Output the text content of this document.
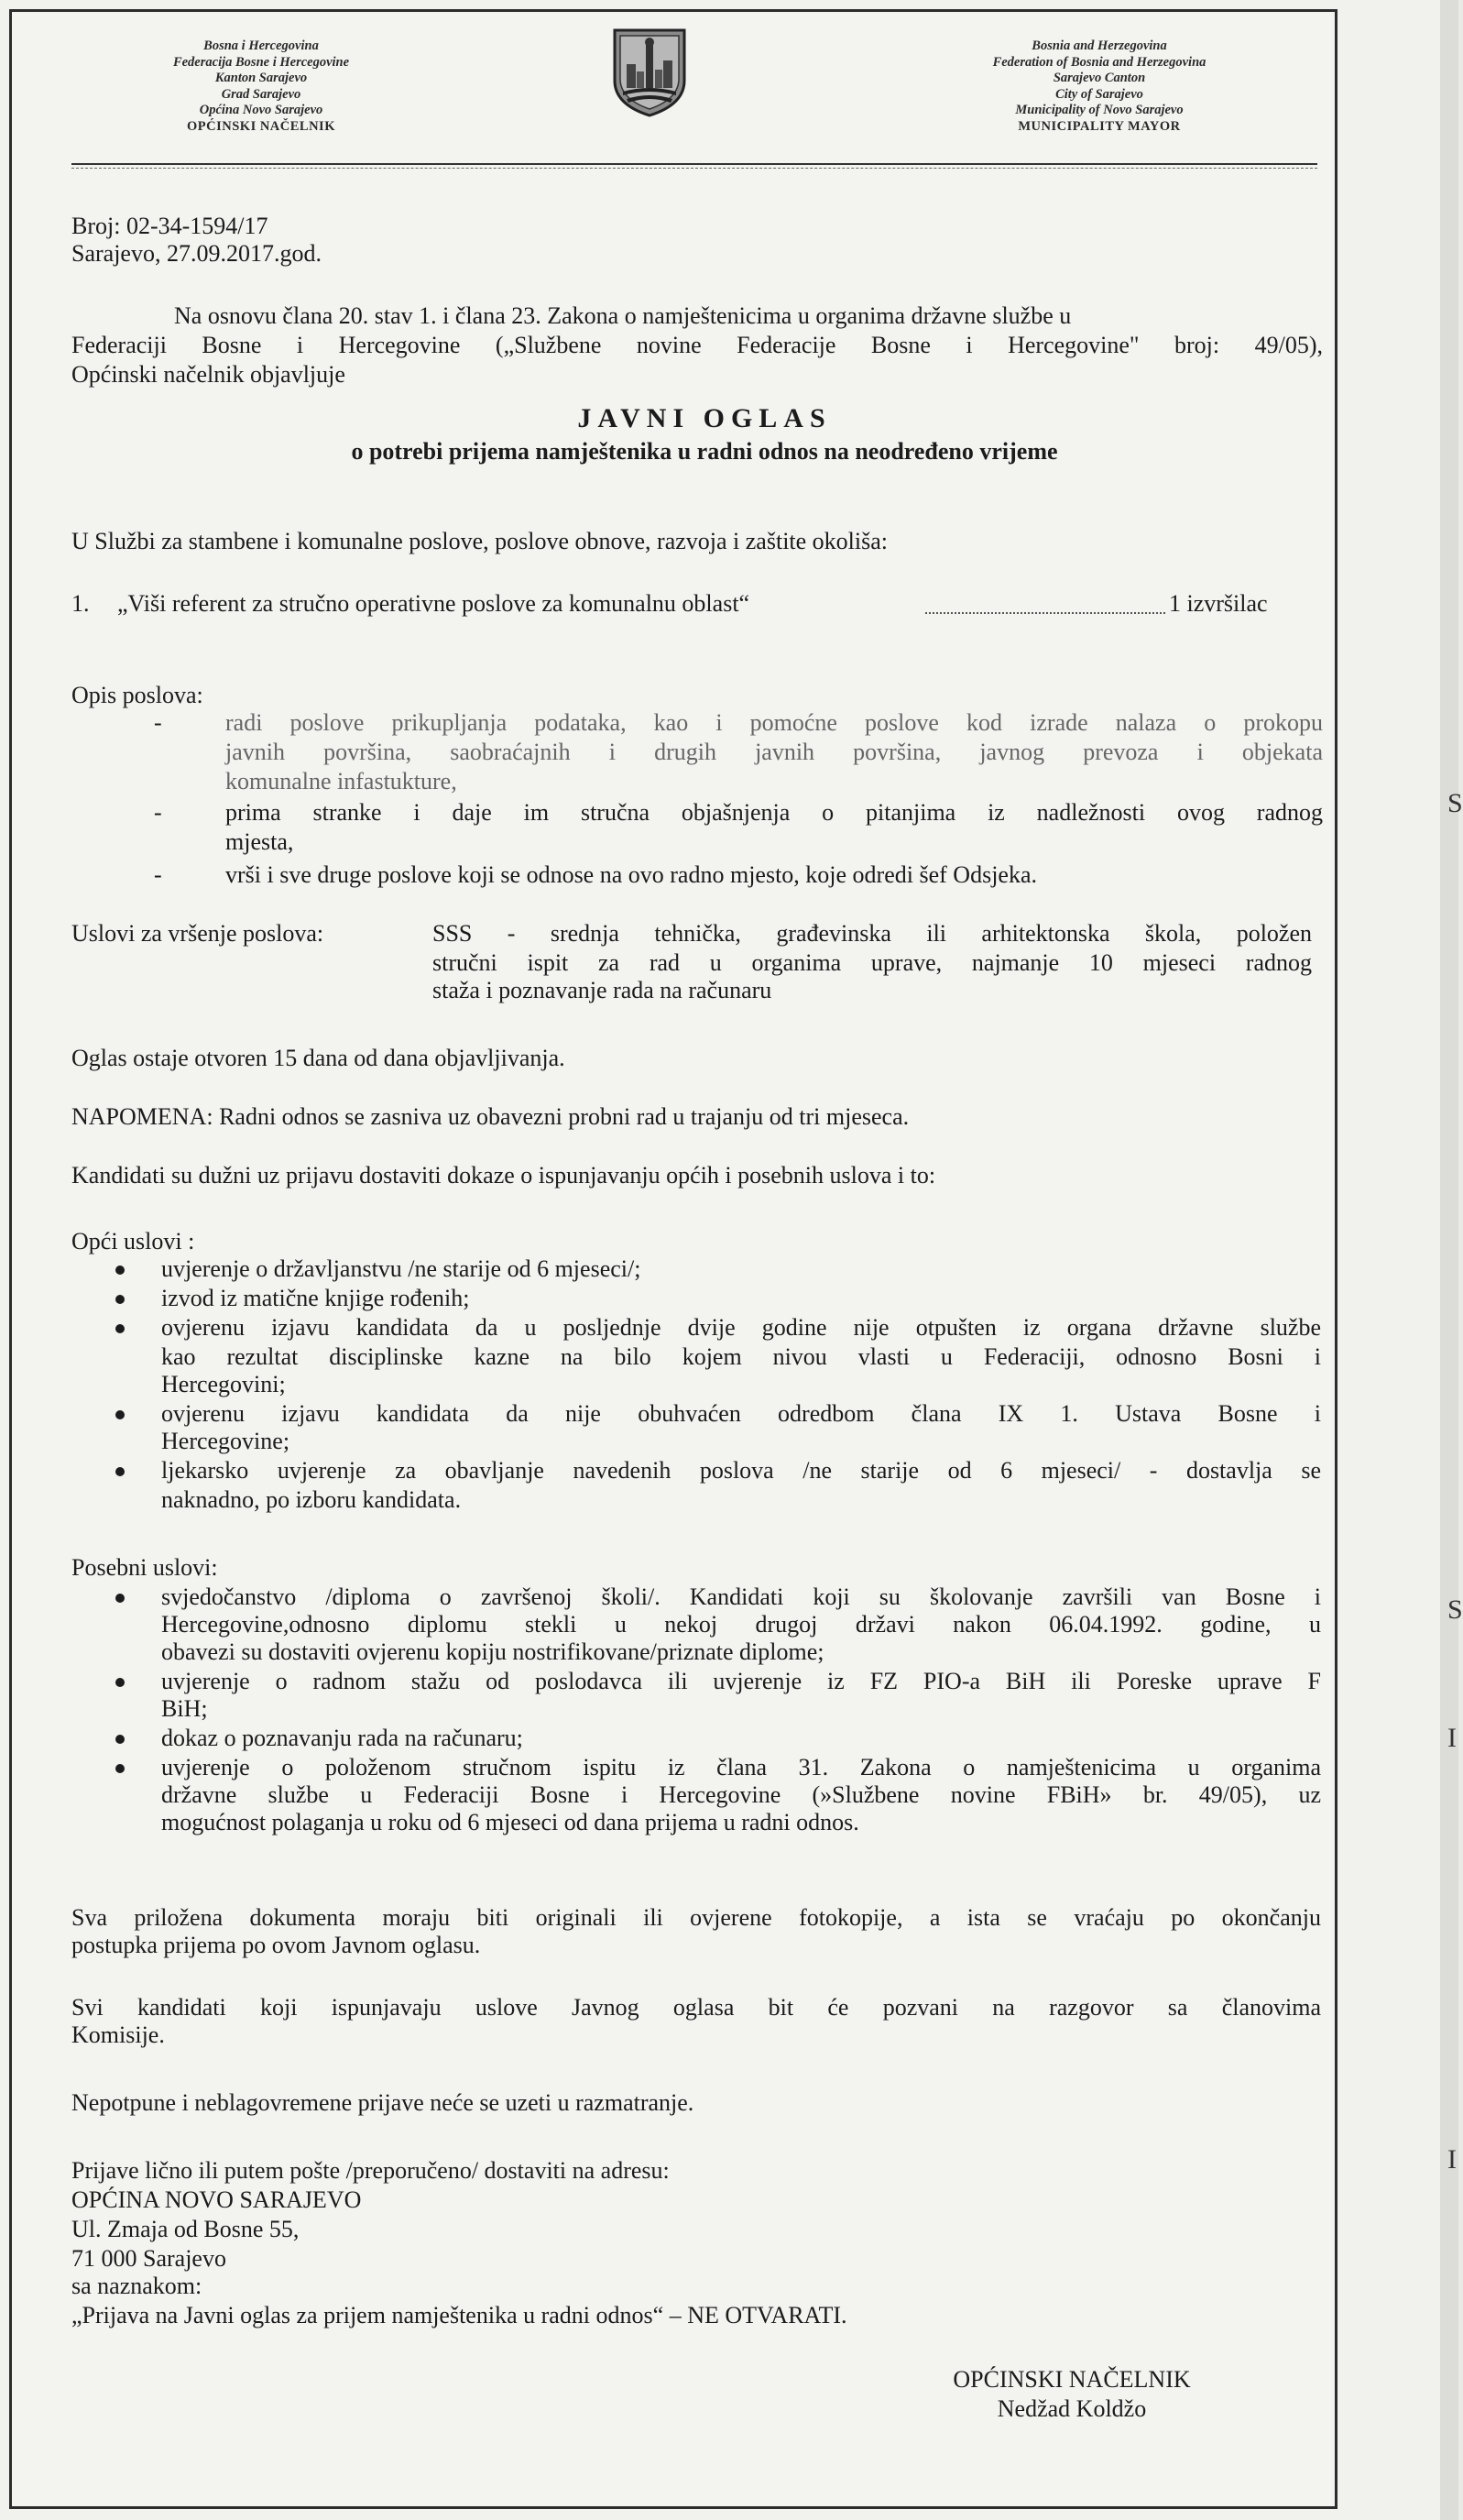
S
S
I
I
Bosna i Hercegovina
Federacija Bosne i Hercegovine
Kanton Sarajevo
Grad Sarajevo
Općina Novo Sarajevo
OPĆINSKI NAČELNIK
Bosnia and Herzegovina
Federation of Bosnia and Herzegovina
Sarajevo Canton
City of Sarajevo
Municipality of Novo Sarajevo
MUNICIPALITY MAYOR
Broj: 02-34-1594/17
Sarajevo, 27.09.2017.god.
Na osnovu člana 20. stav 1. i člana 23. Zakona o namještenicima u organima državne službe u
Federaciji Bosne i Hercegovine („Službene novine Federacije Bosne i Hercegovine" broj: 49/05),
Općinski načelnik objavljuje
JAVNI OGLAS
o potrebi prijema namještenika u radni odnos na neodređeno vrijeme
U Službi za stambene i komunalne poslove, poslove obnove, razvoja i zaštite okoliša:
1. „Viši referent za stručno operativne poslove za komunalnu oblast“	1 izvršilac
Opis poslova:
-	radi poslove prikupljanja podataka, kao i pomoćne poslove kod izrade nalaza o prokopu
javnih površina, saobraćajnih i drugih javnih površina, javnog prevoza i objekata
komunalne infastukture,
-	prima stranke i daje im stručna objašnjenja o pitanjima iz nadležnosti ovog radnog
mjesta,
-	vrši i sve druge poslove koji se odnose na ovo radno mjesto, koje odredi šef Odsjeka.
Uslovi za vršenje poslova:	SSS - srednja tehnička, građevinska ili arhitektonska škola, položen
stručni ispit za rad u organima uprave, najmanje 10 mjeseci radnog
staža i poznavanje rada na računaru
Oglas ostaje otvoren 15 dana od dana objavljivanja.
NAPOMENA: Radni odnos se zasniva uz obavezni probni rad u trajanju od tri mjeseca.
Kandidati su dužni uz prijavu dostaviti dokaze o ispunjavanju općih i posebnih uslova i to:
Opći uslovi :
uvjerenje o državljanstvu /ne starije od 6 mjeseci/;
izvod iz matične knjige rođenih;
ovjerenu izjavu kandidata da u posljednje dvije godine nije otpušten iz organa državne službe
kao rezultat disciplinske kazne na bilo kojem nivou vlasti u Federaciji, odnosno Bosni i
Hercegovini;
ovjerenu izjavu kandidata da nije obuhvaćen odredbom člana IX 1. Ustava Bosne i
Hercegovine;
ljekarsko uvjerenje za obavljanje navedenih poslova /ne starije od 6 mjeseci/ - dostavlja se
naknadno, po izboru kandidata.
Posebni uslovi:
svjedočanstvo /diploma o završenoj školi/. Kandidati koji su školovanje završili van Bosne i
Hercegovine,odnosno diplomu stekli u nekoj drugoj državi nakon 06.04.1992. godine, u
obavezi su dostaviti ovjerenu kopiju nostrifikovane/priznate diplome;
uvjerenje o radnom stažu od poslodavca ili uvjerenje iz FZ PIO-a BiH ili Poreske uprave F
BiH;
dokaz o poznavanju rada na računaru;
uvjerenje o položenom stručnom ispitu iz člana 31. Zakona o namještenicima u organima
državne službe u Federaciji Bosne i Hercegovine (»Službene novine FBiH» br. 49/05), uz
mogućnost polaganja u roku od 6 mjeseci od dana prijema u radni odnos.
Sva priložena dokumenta moraju biti originali ili ovjerene fotokopije, a ista se vraćaju po okončanju
postupka prijema po ovom Javnom oglasu.
Svi kandidati koji ispunjavaju uslove Javnog oglasa bit će pozvani na razgovor sa članovima
Komisije.
Nepotpune i neblagovremene prijave neće se uzeti u razmatranje.
Prijave lično ili putem pošte /preporučeno/ dostaviti na adresu:
OPĆINA NOVO SARAJEVO
Ul. Zmaja od Bosne 55,
71 000 Sarajevo
sa naznakom:
„Prijava na Javni oglas za prijem namještenika u radni odnos“ – NE OTVARATI.
OPĆINSKI NAČELNIK
Nedžad Koldžo
